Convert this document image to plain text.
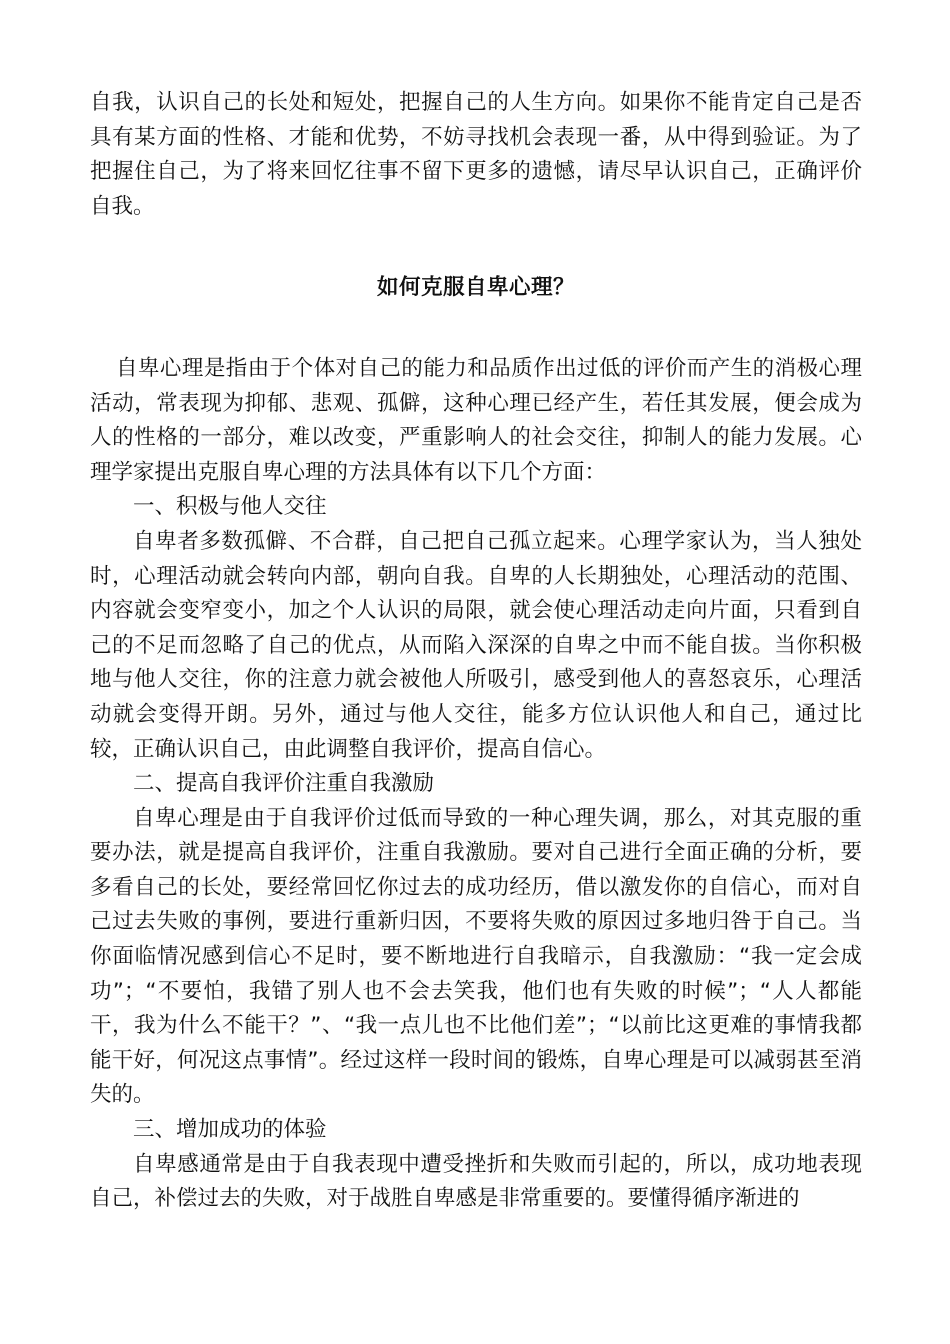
自我，认识自己的长处和短处，把握自己的人生方向。如果你不能肯定自己是否具有某方面的性格、才能和优势，不妨寻找机会表现一番，从中得到验证。为了把握住自己，为了将来回忆往事不留下更多的遗憾，请尽早认识自己，正确评价自我。

如何克服自卑心理？

自卑心理是指由于个体对自己的能力和品质作出过低的评价而产生的消极心理活动，常表现为抑郁、悲观、孤僻，这种心理已经产生，若任其发展，便会成为人的性格的一部分，难以改变，严重影响人的社会交往，抑制人的能力发展。心理学家提出克服自卑心理的方法具体有以下几个方面：

一、积极与他人交往

自卑者多数孤僻、不合群，自己把自己孤立起来。心理学家认为，当人独处时，心理活动就会转向内部，朝向自我。自卑的人长期独处，心理活动的范围、内容就会变窄变小，加之个人认识的局限，就会使心理活动走向片面，只看到自己的不足而忽略了自己的优点，从而陷入深深的自卑之中而不能自拔。当你积极地与他人交往，你的注意力就会被他人所吸引，感受到他人的喜怒哀乐，心理活动就会变得开朗。另外，通过与他人交往，能多方位认识他人和自己，通过比较，正确认识自己，由此调整自我评价，提高自信心。

二、提高自我评价注重自我激励

自卑心理是由于自我评价过低而导致的一种心理失调，那么，对其克服的重要办法，就是提高自我评价，注重自我激励。要对自己进行全面正确的分析，要多看自己的长处，要经常回忆你过去的成功经历，借以激发你的自信心，而对自己过去失败的事例，要进行重新归因，不要将失败的原因过多地归咎于自己。当你面临情况感到信心不足时，要不断地进行自我暗示，自我激励：“我一定会成功”；“不要怕，我错了别人也不会去笑我，他们也有失败的时候”；“人人都能干，我为什么不能干？”、“我一点儿也不比他们差”；“以前比这更难的事情我都能干好，何况这点事情”。经过这样一段时间的锻炼，自卑心理是可以减弱甚至消失的。

三、增加成功的体验

自卑感通常是由于自我表现中遭受挫折和失败而引起的，所以，成功地表现自己，补偿过去的失败，对于战胜自卑感是非常重要的。要懂得循序渐进的
